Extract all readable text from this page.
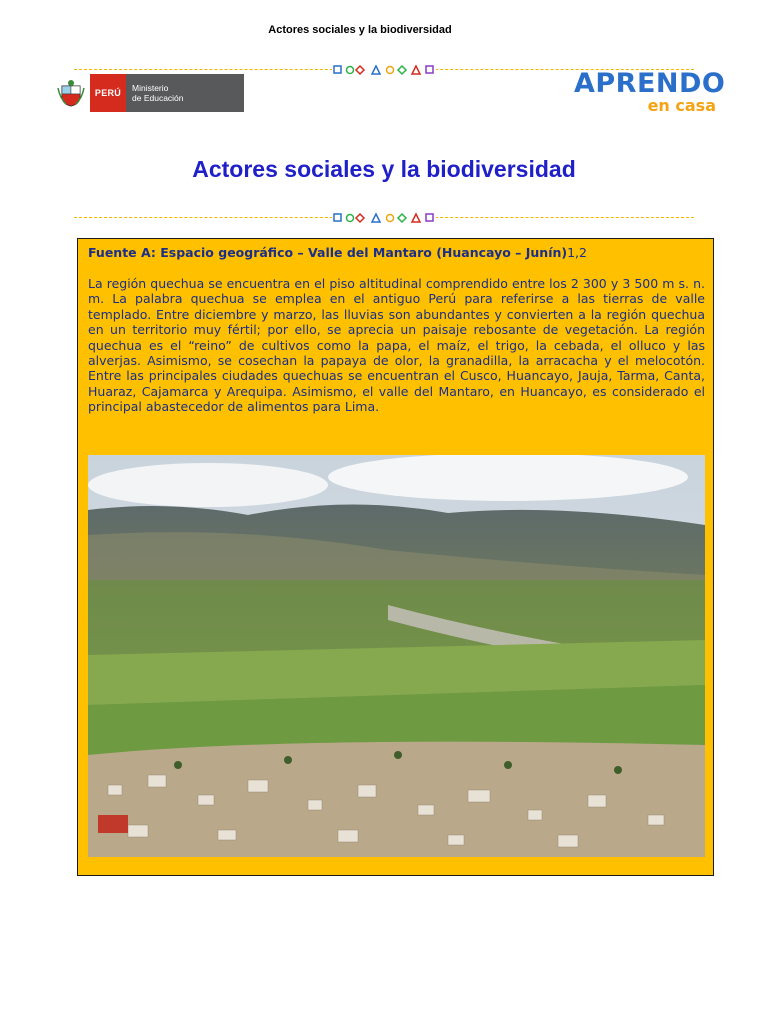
Actores sociales y la biodiversidad
PERÚ	Ministerio
de Educación	APRENDO
en casa
Actores sociales y la biodiversidad
Fuente A: Espacio geográfico – Valle del Mantaro (Huancayo – Junín)1,2

La región quechua se encuentra en el piso altitudinal comprendido entre los 2 300 y 3 500 m s. n. m. La palabra quechua se emplea en el antiguo Perú para referirse a las tierras de valle templado. Entre diciembre y marzo, las lluvias son abundantes y convierten a la región quechua en un territorio muy fértil; por ello, se aprecia un paisaje rebosante de vegetación. La región quechua es el “reino” de cultivos como la papa, el maíz, el trigo, la cebada, el olluco y las alverjas. Asimismo, se cosechan la papaya de olor, la granadilla, la arracacha y el melocotón. Entre las principales ciudades quechuas se encuentran el Cusco, Huancayo, Jauja, Tarma, Canta, Huaraz, Cajamarca y Arequipa. Asimismo, el valle del Mantaro, en Huancayo, es considerado el principal abastecedor de alimentos para Lima.
